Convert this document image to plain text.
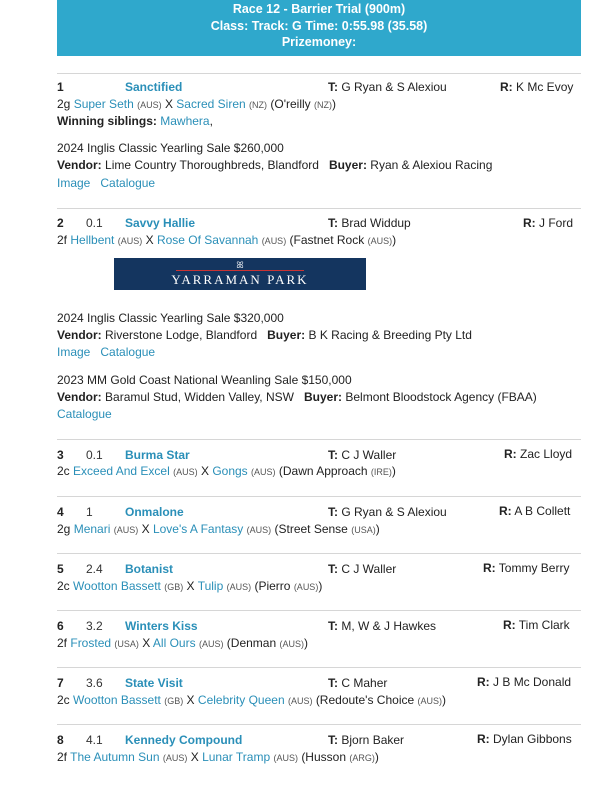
Race 12 - Barrier Trial (900m)
Class: Track: G Time: 0:55.98 (35.58)
Prizemoney:
1	Sanctified	T: G Ryan & S Alexiou	R: K Mc Evoy
2g Super Seth (AUS) X Sacred Siren (NZ) (O'reilly (NZ))
Winning siblings: Mawhera,
2024 Inglis Classic Yearling Sale $260,000
Vendor: Lime Country Thoroughbreds, Blandford Buyer: Ryan & Alexiou Racing
Image Catalogue
2 0.1 Savvy Hallie	T: Brad Widdup	R: J Ford
2f Hellbent (AUS) X Rose Of Savannah (AUS) (Fastnet Rock (AUS))
ꕤ
YARRAMAN PARK
2024 Inglis Classic Yearling Sale $320,000
Vendor: Riverstone Lodge, Blandford Buyer: B K Racing & Breeding Pty Ltd
Image Catalogue
2023 MM Gold Coast National Weanling Sale $150,000
Vendor: Baramul Stud, Widden Valley, NSW Buyer: Belmont Bloodstock Agency (FBAA)
Catalogue
3 0.1 Burma Star	T: C J Waller	R: Zac Lloyd
2c Exceed And Excel (AUS) X Gongs (AUS) (Dawn Approach (IRE))
4 1	Onmalone	T: G Ryan & S Alexiou	R: A B Collett
2g Menari (AUS) X Love's A Fantasy (AUS) (Street Sense (USA))
5 2.4 Botanist	T: C J Waller	R: Tommy Berry
2c Wootton Bassett (GB) X Tulip (AUS) (Pierro (AUS))
6 3.2 Winters Kiss	T: M, W & J Hawkes	R: Tim Clark
2f Frosted (USA) X All Ours (AUS) (Denman (AUS))
7 3.6 State Visit	T: C Maher	R: J B Mc Donald
2c Wootton Bassett (GB) X Celebrity Queen (AUS) (Redoute's Choice (AUS))
8 4.1 Kennedy Compound	T: Bjorn Baker	R: Dylan Gibbons
2f The Autumn Sun (AUS) X Lunar Tramp (AUS) (Husson (ARG))
